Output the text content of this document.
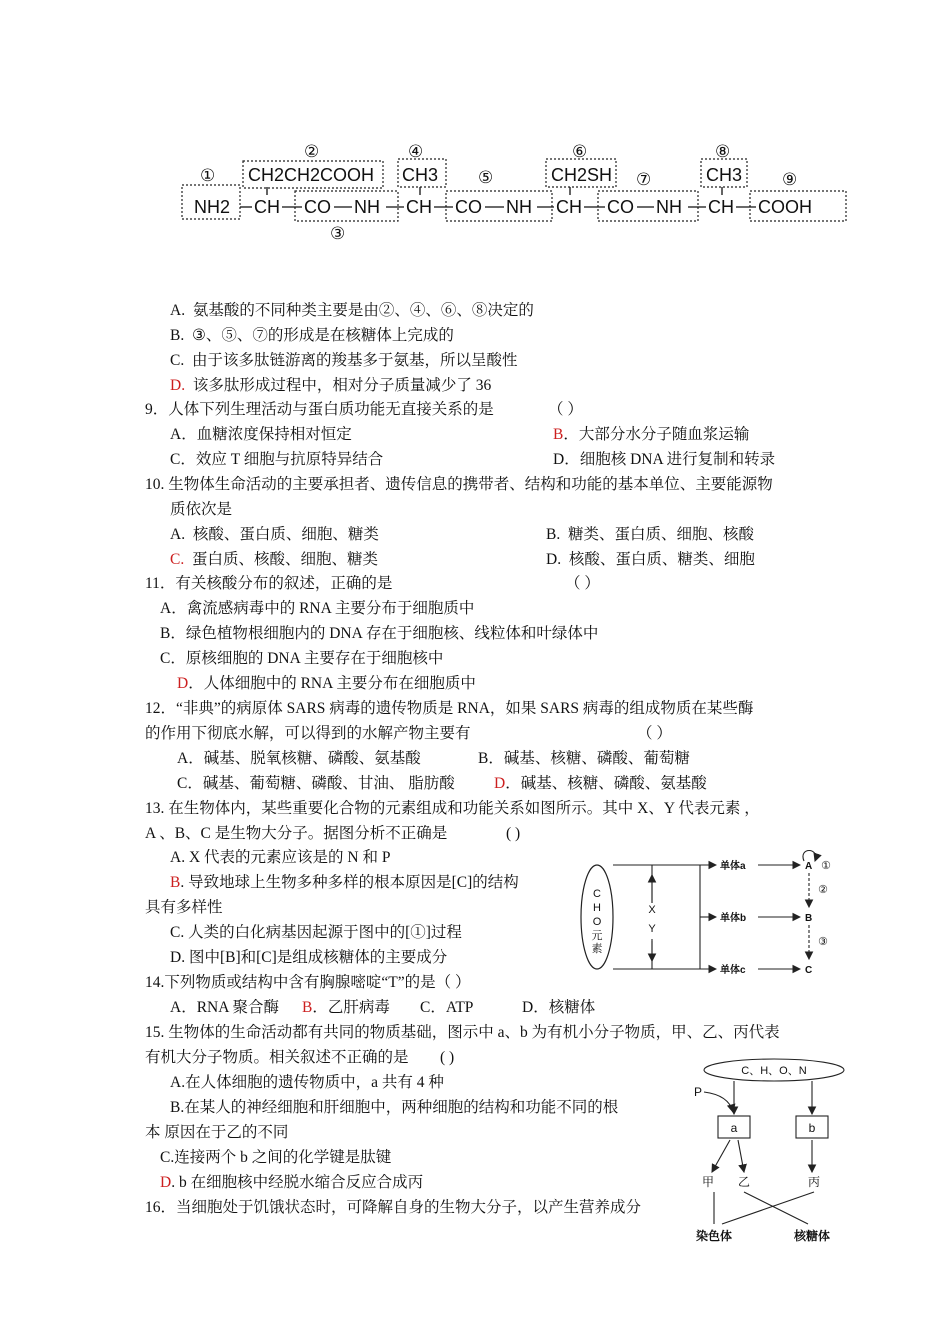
①
②
③
④
⑤
⑥
⑦
⑧
⑨
CH2CH2COOH CH3	CH2SH	CH3
NH2 CH CO NH CH CO NH CH CO NH CH COOH
A. 氨基酸的不同种类主要是由②、④、⑥、⑧决定的
B. ③、⑤、⑦的形成是在核糖体上完成的
C. 由于该多肽链游离的羧基多于氨基，所以呈酸性
D. 该多肽形成过程中，相对分子质量减少了 36
9．人体下列生理活动与蛋白质功能无直接关系的是	（ ）
A．血糖浓度保持相对恒定	B．大部分水分子随血浆运输
C．效应 T 细胞与抗原特异结合	D．细胞核 DNA 进行复制和转录
10. 生物体生命活动的主要承担者、遗传信息的携带者、结构和功能的基本单位、主要能源物
质依次是
A. 核酸、蛋白质、细胞、糖类	B. 糖类、蛋白质、细胞、核酸
C. 蛋白质、核酸、细胞、糖类	D. 核酸、蛋白质、糖类、细胞
11．有关核酸分布的叙述，正确的是	（ ）
A．禽流感病毒中的 RNA 主要分布于细胞质中
B．绿色植物根细胞内的 DNA 存在于细胞核、线粒体和叶绿体中
C．原核细胞的 DNA 主要存在于细胞核中
D．人体细胞中的 RNA 主要分布在细胞质中
12．“非典”的病原体 SARS 病毒的遗传物质是 RNA，如果 SARS 病毒的组成物质在某些酶
的作用下彻底水解，可以得到的水解产物主要有	（ ）
A．碱基、脱氧核糖、磷酸、氨基酸	B．碱基、核糖、磷酸、葡萄糖
C．碱基、葡萄糖、磷酸、甘油、 脂肪酸	D．碱基、核糖、磷酸、氨基酸
13. 在生物体内，某些重要化合物的元素组成和功能关系如图所示。其中 X、Y 代表元素 ，
A 、B、C 是生物大分子。据图分析不正确是	( )
A. X 代表的元素应该是的 N 和 P
B. 导致地球上生物多种多样的根本原因是[C]的结构
具有多样性
C. 人类的白化病基因起源于图中的[①]过程
D. 图中[B]和[C]是组成核糖体的主要成分
C
H
O
元
素
X
Y
单体a
单体b
单体c
A
B
C
①
②
③
14.下列物质或结构中含有胸腺嘧啶“T”的是（ ）
A．RNA 聚合酶 B．乙肝病毒 C．ATP	D．核糖体
15. 生物体的生命活动都有共同的物质基础，图示中 a、b 为有机小分子物质，甲、乙、丙代表
有机大分子物质。相关叙述不正确的是 ( )
A.在人体细胞的遗传物质中，a 共有 4 种
B.在某人的神经细胞和肝细胞中，两种细胞的结构和功能不同的根
本 原因在于乙的不同
C.连接两个 b 之间的化学键是肽键
D. b 在细胞核中经脱水缩合反应合成丙
C、H、O、N
a	b
P
甲 乙	丙
染色体	核糖体
16．当细胞处于饥饿状态时，可降解自身的生物大分子，以产生营养成分
